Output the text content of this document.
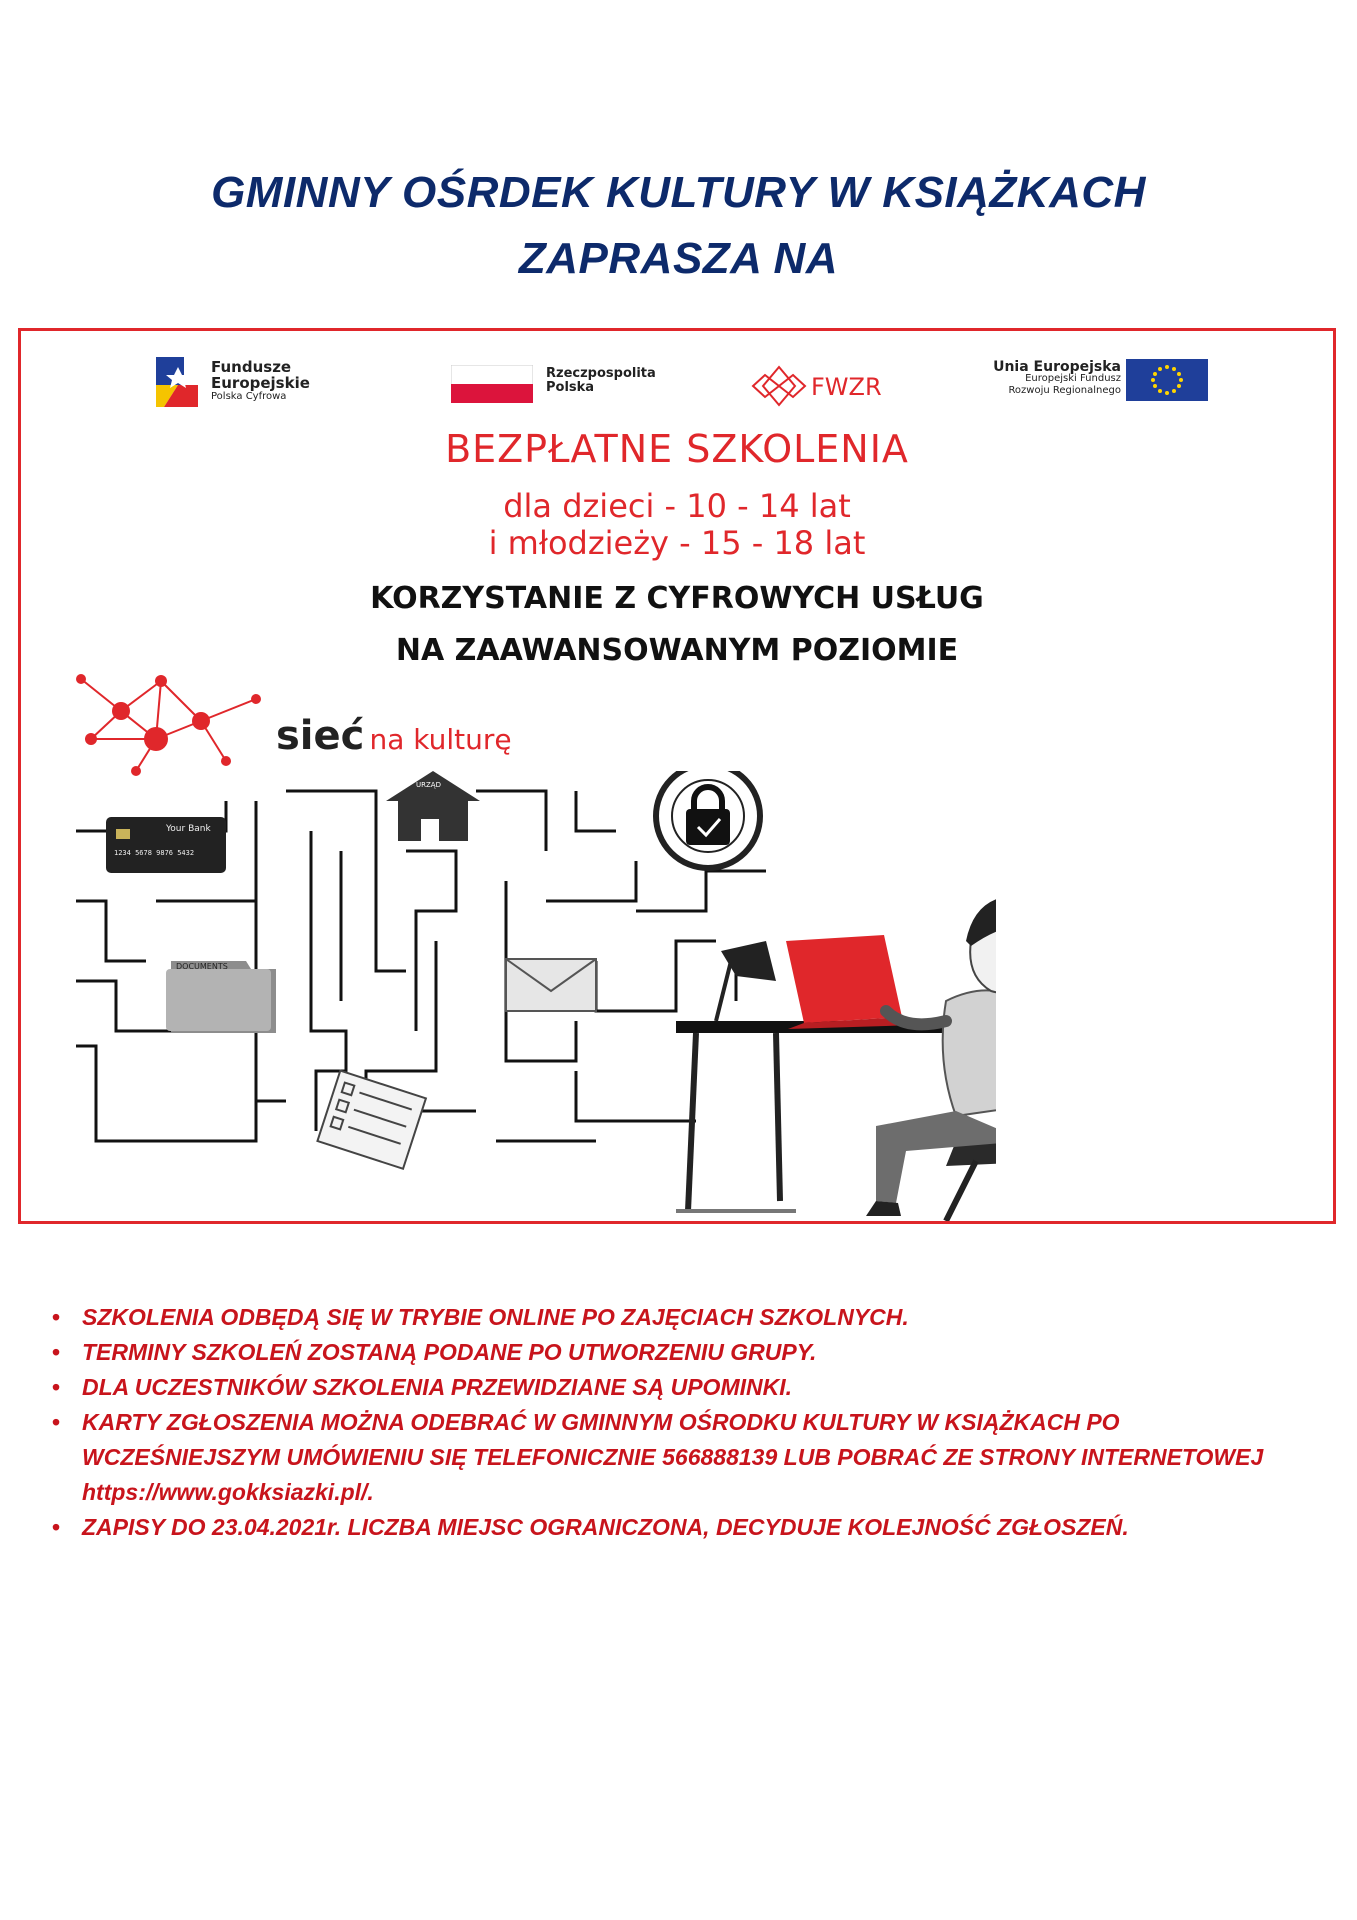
GMINNY OŚRDEK KULTURY W KSIĄŻKACH
ZAPRASZA NA
Fundusze
Europejskie
Polska Cyfrowa
Rzeczpospolita
Polska	FWZR
Unia Europejska
Europejski Fundusz
Rozwoju Regionalnego
BEZPŁATNE SZKOLENIA
dla dzieci - 10 - 14 lat
i młodzieży - 15 - 18 lat
KORZYSTANIE Z CYFROWYCH USŁUG
NA ZAAWANSOWANYM POZIOMIE
sieć na kulturę
Your Bank
1234 5678 9876 5432
DOCUMENTS
URZĄD
• SZKOLENIA ODBĘDĄ SIĘ W TRYBIE ONLINE PO ZAJĘCIACH SZKOLNYCH.
• TERMINY SZKOLEŃ ZOSTANĄ PODANE PO UTWORZENIU GRUPY.
• DLA UCZESTNIKÓW SZKOLENIA PRZEWIDZIANE SĄ UPOMINKI.
• KARTY ZGŁOSZENIA MOŻNA ODEBRAĆ W GMINNYM OŚRODKU KULTURY W KSIĄŻKACH PO WCZEŚNIEJSZYM UMÓWIENIU SIĘ TELEFONICZNIE 566888139 LUB POBRAĆ ZE STRONY INTERNETOWEJ https://www.gokksiazki.pl/.
• ZAPISY DO 23.04.2021r. LICZBA MIEJSC OGRANICZONA, DECYDUJE KOLEJNOŚĆ ZGŁOSZEŃ.
